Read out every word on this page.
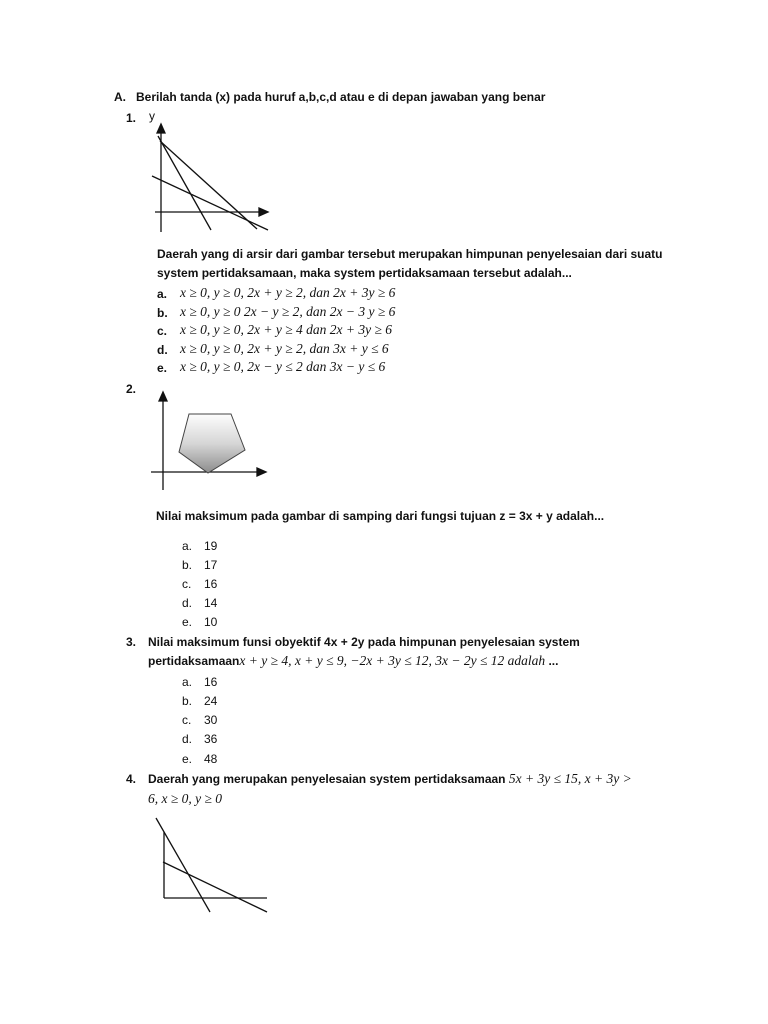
A. Berilah tanda (x) pada huruf a,b,c,d atau e di depan jawaban yang benar
1. y
Daerah yang di arsir dari gambar tersebut merupakan himpunan penyelesaian dari suatu
system pertidaksamaan, maka system pertidaksamaan tersebut adalah...
a. x ≥ 0, y ≥ 0, 2x + y ≥ 2, dan 2x + 3y ≥ 6
b. x ≥ 0, y ≥ 0 2x − y ≥ 2, dan 2x − 3 y ≥ 6
c. x ≥ 0, y ≥ 0, 2x + y ≥ 4 dan 2x + 3y ≥ 6
d. x ≥ 0, y ≥ 0, 2x + y ≥ 2, dan 3x + y ≤ 6
e. x ≥ 0, y ≥ 0, 2x − y ≤ 2 dan 3x − y ≤ 6
2.
Nilai maksimum pada gambar di samping dari fungsi tujuan z = 3x + y adalah...
a. 19
b. 17
c. 16
d. 14
e. 10
3. Nilai maksimum funsi obyektif 4x + 2y pada himpunan penyelesaian system
pertidaksamaanx + y ≥ 4, x + y ≤ 9, −2x + 3y ≤ 12, 3x − 2y ≤ 12 adalah ...
a. 16
b. 24
c. 30
d. 36
e. 48
4. Daerah yang merupakan penyelesaian system pertidaksamaan 5x + 3y ≤ 15, x + 3y >
6, x ≥ 0, y ≥ 0
